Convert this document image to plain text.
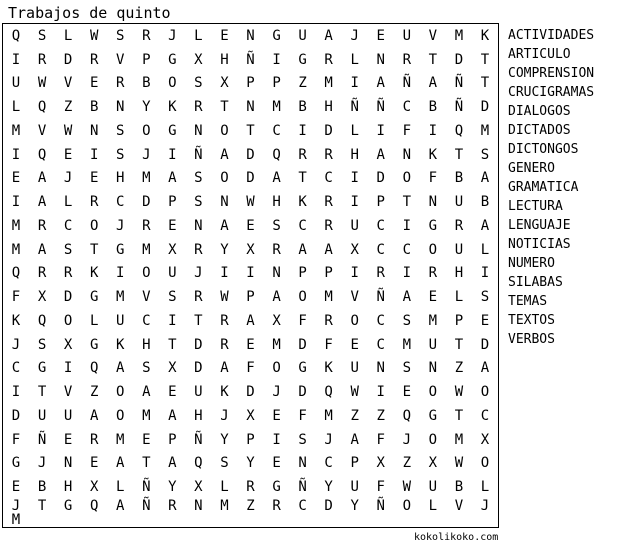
Trabajos de quinto
Q	S	L	W	S	R	J	L	E	N	G	U	A	J	E	U	V	M	K
I	R	D	R	V	P	G	X	H	Ñ	I	G	R	L	N	R	T	D	T
U	W	V	E	R	B	O	S	X	P	P	Z	M	I	A	Ñ	A	Ñ	T
L	Q	Z	B	N	Y	K	R	T	N	M	B	H	Ñ	Ñ	C	B	Ñ	D
M	V	W	N	S	O	G	N	O	T	C	I	D	L	I	F	I	Q	M
I	Q	E	I	S	J	I	Ñ	A	D	Q	R	R	H	A	N	K	T	S
E	A	J	E	H	M	A	S	O	D	A	T	C	I	D	O	F	B	A
I	A	L	R	C	D	P	S	N	W	H	K	R	I	P	T	N	U	B
M	R	C	O	J	R	E	N	A	E	S	C	R	U	C	I	G	R	A
M	A	S	T	G	M	X	R	Y	X	R	A	A	X	C	C	O	U	L
Q	R	R	K	I	O	U	J	I	I	N	P	P	I	R	I	R	H	I
F	X	D	G	M	V	S	R	W	P	A	O	M	V	Ñ	A	E	L	S
K	Q	O	L	U	C	I	T	R	A	X	F	R	O	C	S	M	P	E
J	S	X	G	K	H	T	D	R	E	M	D	F	E	C	M	U	T	D
C	G	I	Q	A	S	X	D	A	F	O	G	K	U	N	S	N	Z	A
I	T	V	Z	O	A	E	U	K	D	J	D	Q	W	I	E	O	W	O
D	U	U	A	O	M	A	H	J	X	E	F	M	Z	Z	Q	G	T	C
F	Ñ	E	R	M	E	P	Ñ	Y	P	I	S	J	A	F	J	O	M	X
G	J	N	E	A	T	A	Q	S	Y	E	N	C	P	X	Z	X	W	O
E	B	H	X	L	Ñ	Y	X	L	R	G	Ñ	Y	U	F	W	U	B	L
J	T	G	Q	A	Ñ	R	N	M	Z	R	C	D	Y	Ñ	O	L	V	J
M
ACTIVIDADES
ARTICULO
COMPRENSION
CRUCIGRAMAS
DIALOGOS
DICTADOS
DICTONGOS
GENERO
GRAMATICA
LECTURA
LENGUAJE
NOTICIAS
NUMERO
SILABAS
TEMAS
TEXTOS
VERBOS
kokolikoko.com
